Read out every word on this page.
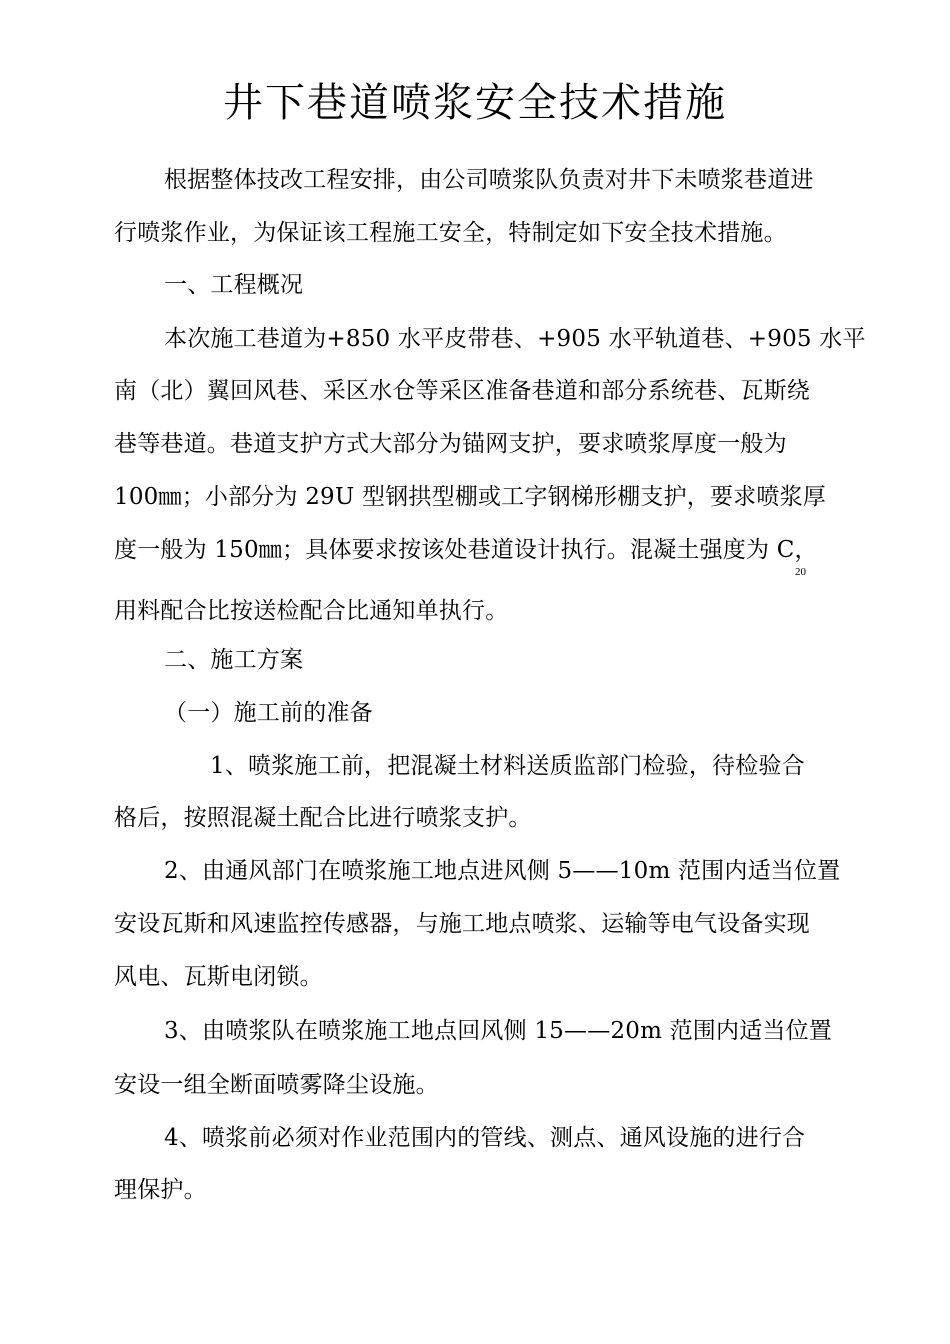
井下巷道喷浆安全技术措施
根据整体技改工程安排，由公司喷浆队负责对井下未喷浆巷道进
行喷浆作业，为保证该工程施工安全，特制定如下安全技术措施。
一、工程概况
本次施工巷道为+850 水平皮带巷、+905 水平轨道巷、+905 水平
南（北）翼回风巷、采区水仓等采区准备巷道和部分系统巷、瓦斯绕
巷等巷道。巷道支护方式大部分为锚网支护，要求喷浆厚度一般为
100㎜；小部分为 29U 型钢拱型棚或工字钢梯形棚支护，要求喷浆厚
度一般为 150㎜；具体要求按该处巷道设计执行。混凝土强度为 C，
20
用料配合比按送检配合比通知单执行。
二、施工方案
（一）施工前的准备
1、喷浆施工前，把混凝土材料送质监部门检验，待检验合
格后，按照混凝土配合比进行喷浆支护。
2、由通风部门在喷浆施工地点进风侧 5——10m 范围内适当位置
安设瓦斯和风速监控传感器，与施工地点喷浆、运输等电气设备实现
风电、瓦斯电闭锁。
3、由喷浆队在喷浆施工地点回风侧 15——20m 范围内适当位置
安设一组全断面喷雾降尘设施。
4、喷浆前必须对作业范围内的管线、测点、通风设施的进行合
理保护。
